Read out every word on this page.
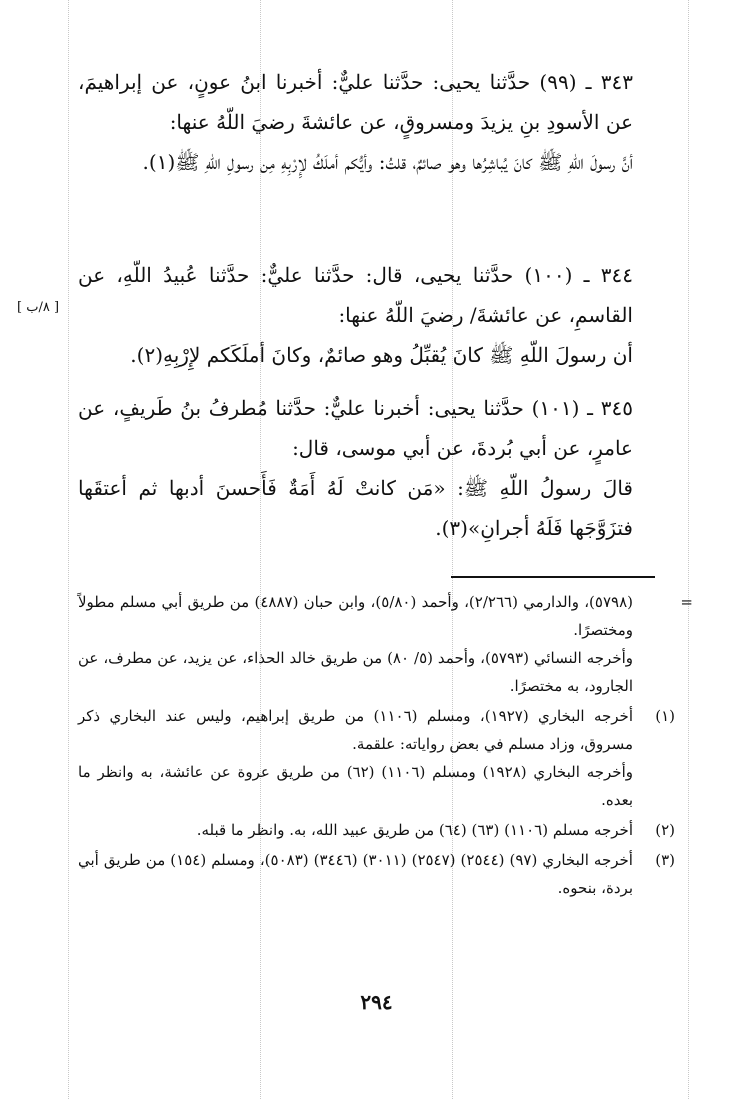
٣٤٣ ـ (٩٩) حدَّثنا يحيى: حدَّثنا عليٌّ: أخبرنا ابنُ عونٍ، عن إبراهيمَ، عن الأسودِ بنِ يزيدَ ومسروقٍ، عن عائشةَ رضيَ اللّهُ عنها:

أنَّ رسولَ اللّهِ ﷺ كانَ يُباشِرُها وهو صائمٌ، قلتُ: وأيُّكم أملَكُ لإِرْبِهِ مِن رسولِ اللّهِ ﷺ(١).

٣٤٤ ـ (١٠٠) حدَّثنا يحيى، قال: حدَّثنا عليٌّ: حدَّثنا عُبيدُ اللّهِ، عن القاسمِ، عن عائشةَ/ رضيَ اللّهُ عنها:

أن رسولَ اللّهِ ﷺ كانَ يُقبِّلُ وهو صائمٌ، وكانَ أملَكَكم لإِرْبِهِ(٢).

[ ٨/ب ]

٣٤٥ ـ (١٠١) حدَّثنا يحيى: أخبرنا عليٌّ: حدَّثنا مُطرفُ بنُ طَريفٍ، عن عامرٍ، عن أبي بُردةَ، عن أبي موسى، قال:

قالَ رسولُ اللّهِ ﷺ: «مَن كانتْ لَهُ أَمَةٌ فَأَحسنَ أدبها ثم أعتقَها فتزَوَّجَها فَلَهُ أجرانِ»(٣).

=
(٥٧٩٨)، والدارمي (٢/٢٦٦)، وأحمد (٥/٨٠)، وابن حبان (٤٨٨٧) من طريق أبي مسلم مطولاً ومختصرًا.
وأخرجه النسائي (٥٧٩٣)، وأحمد (٥/ ٨٠) من طريق خالد الحذاء، عن يزيد، عن مطرف، عن الجارود، به مختصرًا.
(١)
أخرجه البخاري (١٩٢٧)، ومسلم (١١٠٦) من طريق إبراهيم، وليس عند البخاري ذكر مسروق، وزاد مسلم في بعض رواياته: علقمة.
وأخرجه البخاري (١٩٢٨) ومسلم (١١٠٦) (٦٢) من طريق عروة عن عائشة، به وانظر ما بعده.
(٢)
أخرجه مسلم (١١٠٦) (٦٣) (٦٤) من طريق عبيد الله، به. وانظر ما قبله.
(٣)
أخرجه البخاري (٩٧) (٢٥٤٤) (٢٥٤٧) (٣٠١١) (٣٤٤٦) (٥٠٨٣)، ومسلم (١٥٤) من طريق أبي بردة، بنحوه.
٢٩٤
